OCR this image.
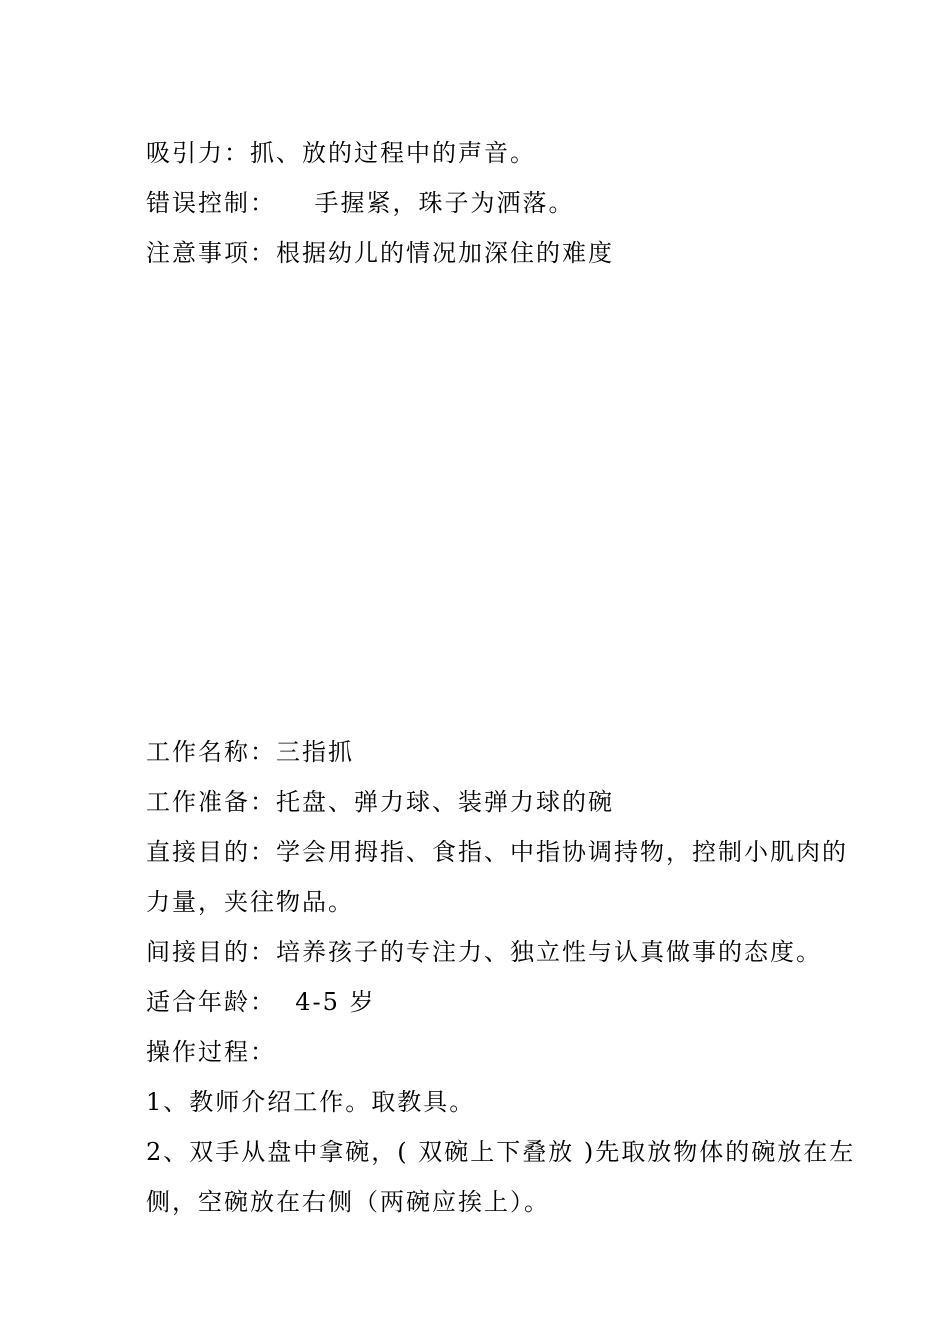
吸引力：抓、放的过程中的声音。
错误控制：    手握紧，珠子为洒落。
注意事项：根据幼儿的情况加深住的难度
工作名称：三指抓
工作准备：托盘、弹力球、装弹力球的碗
直接目的：学会用拇指、食指、中指协调持物，控制小肌肉的
力量，夹往物品。
间接目的：培养孩子的专注力、独立性与认真做事的态度。
适合年龄：  4-5 岁
操作过程：
1、教师介绍工作。取教具。
2、双手从盘中拿碗，( 双碗上下叠放 )先取放物体的碗放在左
侧，空碗放在右侧（两碗应挨上）。
